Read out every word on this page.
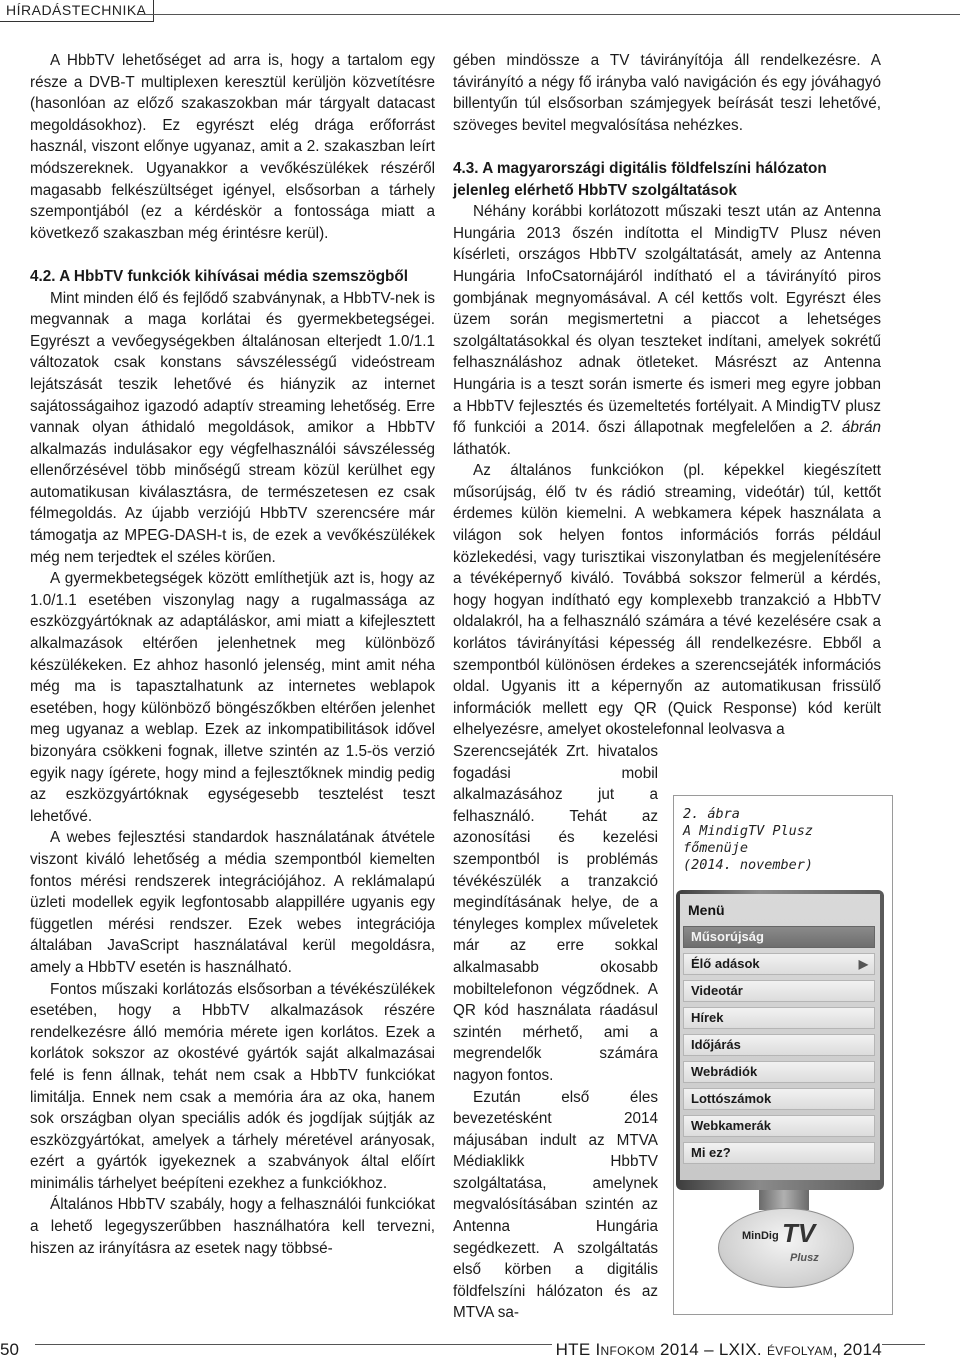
HÍRADÁSTECHNIKA

A HbbTV lehetőséget ad arra is, hogy a tartalom egy része a DVB-T multiplexen keresztül kerüljön közvetítésre (hasonlóan az előző szakaszokban már tárgyalt datacast megoldásokhoz). Ez egyrészt elég drága erőforrást használ, viszont előnye ugyanaz, amit a 2. szakaszban leírt módszereknek. Ugyanakkor a vevőkészülékek részéről magasabb felkészültséget igényel, elsősorban a tárhely szempontjából (ez a kérdéskör a fontossága miatt a következő szakaszban még érintésre kerül).

4.2. A HbbTV funkciók kihívásai média szemszögből

Mint minden élő és fejlődő szabványnak, a HbbTV-nek is megvannak a maga korlátai és gyermekbetegségei. Egyrészt a vevőegységekben általánosan elterjedt 1.0/1.1 változatok csak konstans sávszélességű videóstream lejátszását teszik lehetővé és hiányzik az internet sajátosságaihoz igazodó adaptív streaming lehetőség. Erre vannak olyan áthidaló megoldások, amikor a HbbTV alkalmazás indulásakor egy végfelhasználói sávszélesség ellenőrzésével több minőségű stream közül kerülhet egy automatikusan kiválasztásra, de természetesen ez csak félmegoldás. Az újabb verziójú HbbTV szerencsére már támogatja az MPEG-DASH-t is, de ezek a vevőkészülékek még nem terjedtek el széles körűen.

A gyermekbetegségek között említhetjük azt is, hogy az 1.0/1.1 esetében viszonylag nagy a rugalmassága az eszközgyártóknak az adaptáláskor, ami miatt a kifejlesztett alkalmazások eltérően jelenhetnek meg különböző készülékeken. Ez ahhoz hasonló jelenség, mint amit néha még ma is tapasztalhatunk az internetes weblapok esetében, hogy különböző böngészőkben eltérően jelenhet meg ugyanaz a weblap. Ezek az inkompatibilitások idővel bizonyára csökkeni fognak, illetve szintén az 1.5-ös verzió egyik nagy ígérete, hogy mind a fejlesztőknek mindig pedig az eszközgyártóknak egységesebb tesztelést teszt lehetővé.

A webes fejlesztési standardok használatának átvétele viszont kiváló lehetőség a média szempontból kiemelten fontos mérési rendszerek integrációjához. A reklámalapú üzleti modellek egyik legfontosabb alappillére ugyanis egy független mérési rendszer. Ezek webes integrációja általában JavaScript használatával kerül megoldásra, amely a HbbTV esetén is használható.

Fontos műszaki korlátozás elsősorban a tévékészülékek esetében, hogy a HbbTV alkalmazások részére rendelkezésre álló memória mérete igen korlátos. Ezek a korlátok sokszor az okostévé gyártók saját alkalmazásai felé is fenn állnak, tehát nem csak a HbbTV funkciókat limitálja. Ennek nem csak a memória ára az oka, hanem sok országban olyan speciális adók és jogdíjak sújtják az eszközgyártókat, amelyek a tárhely méretével arányosak, ezért a gyártók igyekeznek a szabványok által előírt minimális tárhelyet beépíteni ezekhez a funkciókhoz.

Általános HbbTV szabály, hogy a felhasználói funkciókat a lehető legegyszerűbben használhatóra kell tervezni, hiszen az irányításra az esetek nagy többsé-

gében mindössze a TV távirányítója áll rendelkezésre. A távirányító a négy fő irányba való navigáción és egy jóváhagyó billentyűn túl elsősorban számjegyek beírását teszi lehetővé, szöveges bevitel megvalósítása nehézkes.

4.3. A magyarországi digitális földfelszíni hálózaton jelenleg elérhető HbbTV szolgáltatások

Néhány korábbi korlátozott műszaki teszt után az Antenna Hungária 2013 őszén indította el MindigTV Plusz néven kísérleti, országos HbbTV szolgáltatását, amely az Antenna Hungária InfoCsatornájáról indítható el a távirányító piros gombjának megnyomásával. A cél kettős volt. Egyrészt éles üzem során megismertetni a piaccot a lehetséges szolgáltatásokkal és olyan teszteket indítani, amelyek sokrétű felhasználáshoz adnak ötleteket. Másrészt az Antenna Hungária is a teszt során ismerte és ismeri meg egyre jobban a HbbTV fejlesztés és üzemeltetés fortélyait. A MindigTV plusz fő funkciói a 2014. őszi állapotnak megfelelően a 2. ábrán láthatók.

Az általános funkciókon (pl. képekkel kiegészített műsorújság, élő tv és rádió streaming, videótár) túl, kettőt érdemes külön kiemelni. A webkamera képek használata a világon sok helyen fontos információs forrás például közlekedési, vagy turisztikai viszonylatban és megjelenítésére a tévéképernyő kiváló. Továbbá sokszor felmerül a kérdés, hogy hogyan indítható egy komplexebb tranzakció a HbbTV oldalakról, ha a felhasználó számára a tévé kezelésére csak a korlátos távirányítási képesség áll rendelkezésre. Ebből a szempontból különösen érdekes a szerencsejáték információs oldal. Ugyanis itt a képernyőn az automatikusan frissülő információk mellett egy QR (Quick Response) kód került elhelyezésre, amelyet okostelefonnal leolvasva a

Szerencsejáték Zrt. hivatalos fogadási mobil alkalmazásához jut a felhasználó. Tehát az azonosítási és kezelési szempontból is problémás tévékészülék a tranzakció megindításának helye, de a tényleges komplex műveletek már az erre sokkal alkalmasabb okosabb mobiltelefonon végződnek. A QR kód használata ráadásul szintén mérhető, ami a megrendelők számára nagyon fontos.

Ezután első éles bevezetésként 2014 májusában indult az MTVA Médiaklikk HbbTV szolgáltatása, amelynek megvalósításában szintén az Antenna Hungária segédkezett. A szolgáltatás első körben a digitális földfelszíni hálózaton és az MTVA sa-

2. ábra
A MindigTV Plusz
főmenüje
(2014. november)
Menü
Műsorújság
Élő adások	▶
Videotár
Hírek
Időjárás
Webrádiók
Lottószámok
Webkamerák
Mi ez?
MinDig TV
Plusz
50	HTE Infokom 2014 – LXIX. évfolyam, 2014
